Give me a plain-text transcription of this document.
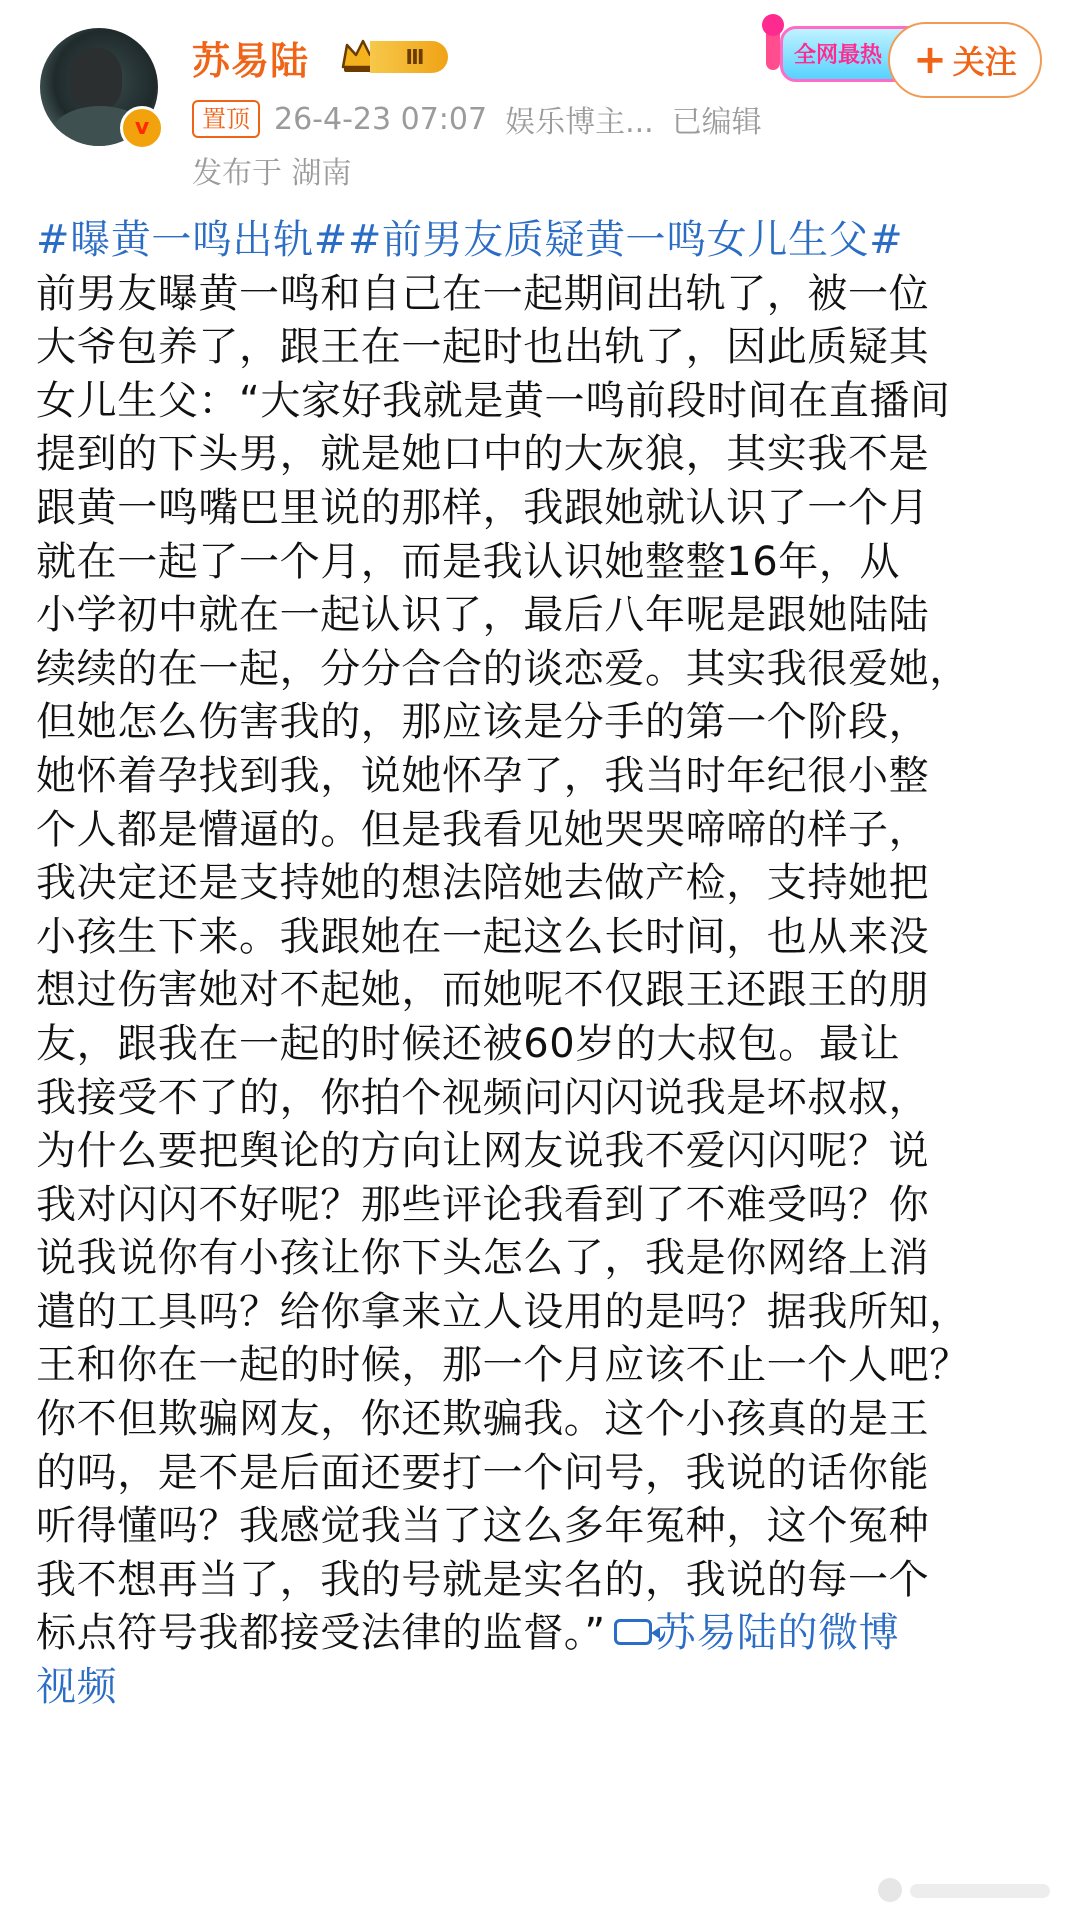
v
苏易陆	Ⅲ
置顶 26-4-23 07:07 娱乐博主... 已编辑
发布于 湖南
全网最热 + 关注
#曝黄一鸣出轨##前男友质疑黄一鸣女儿生父#
前男友曝黄一鸣和自己在一起期间出轨了，被一位
大爷包养了，跟王在一起时也出轨了，因此质疑其
女儿生父：“大家好我就是黄一鸣前段时间在直播间
提到的下头男，就是她口中的大灰狼，其实我不是
跟黄一鸣嘴巴里说的那样，我跟她就认识了一个月
就在一起了一个月，而是我认识她整整16年，从
小学初中就在一起认识了，最后八年呢是跟她陆陆
续续的在一起，分分合合的谈恋爱。其实我很爱她，
但她怎么伤害我的，那应该是分手的第一个阶段，
她怀着孕找到我，说她怀孕了，我当时年纪很小整
个人都是懵逼的。但是我看见她哭哭啼啼的样子，
我决定还是支持她的想法陪她去做产检，支持她把
小孩生下来。我跟她在一起这么长时间，也从来没
想过伤害她对不起她，而她呢不仅跟王还跟王的朋
友，跟我在一起的时候还被60岁的大叔包。最让
我接受不了的，你拍个视频问闪闪说我是坏叔叔，
为什么要把舆论的方向让网友说我不爱闪闪呢？说
我对闪闪不好呢？那些评论我看到了不难受吗？你
说我说你有小孩让你下头怎么了，我是你网络上消
遣的工具吗？给你拿来立人设用的是吗？据我所知，
王和你在一起的时候，那一个月应该不止一个人吧？
你不但欺骗网友，你还欺骗我。这个小孩真的是王
的吗，是不是后面还要打一个问号，我说的话你能
听得懂吗？我感觉我当了这么多年冤种，这个冤种
我不想再当了，我的号就是实名的，我说的每一个
标点符号我都接受法律的监督。” 苏易陆的微博
视频
